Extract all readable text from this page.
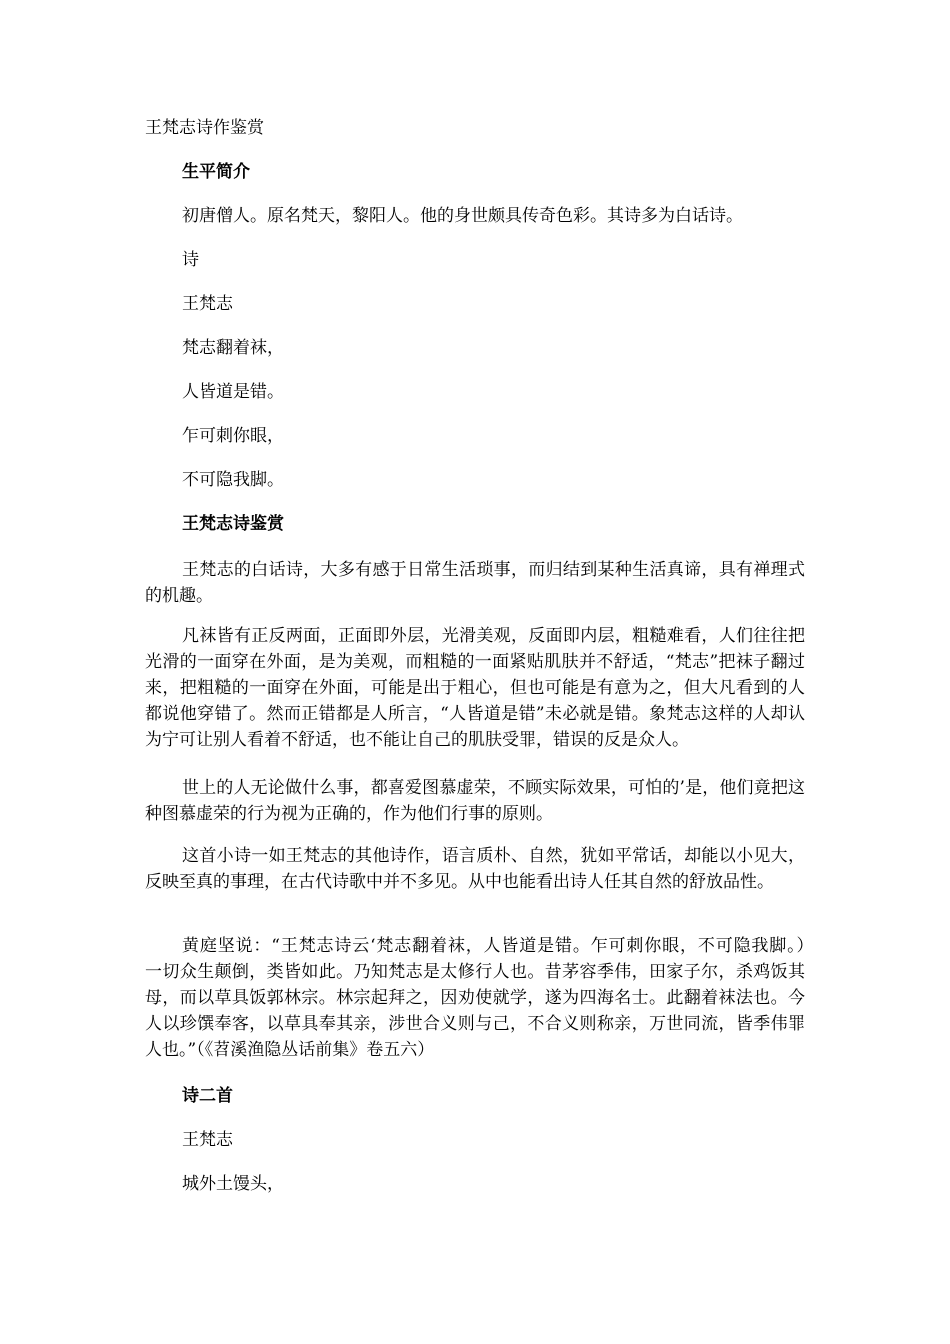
王梵志诗作鉴赏
生平简介
初唐僧人。原名梵天，黎阳人。他的身世颇具传奇色彩。其诗多为白话诗。
诗
王梵志
梵志翻着袜，
人皆道是错。
乍可刺你眼，
不可隐我脚。
王梵志诗鉴赏
王梵志的白话诗，大多有感于日常生活琐事，而归结到某种生活真谛，具有禅理式的机趣。
凡袜皆有正反两面，正面即外层，光滑美观，反面即内层，粗糙难看，人们往往把光滑的一面穿在外面，是为美观，而粗糙的一面紧贴肌肤并不舒适，“梵志”把袜子翻过来，把粗糙的一面穿在外面，可能是出于粗心，但也可能是有意为之，但大凡看到的人都说他穿错了。然而正错都是人所言，“人皆道是错”未必就是错。象梵志这样的人却认为宁可让别人看着不舒适，也不能让自己的肌肤受罪，错误的反是众人。
世上的人无论做什么事，都喜爱图慕虚荣，不顾实际效果，可怕的’是，他们竟把这种图慕虚荣的行为视为正确的，作为他们行事的原则。
这首小诗一如王梵志的其他诗作，语言质朴、自然，犹如平常话，却能以小见大，反映至真的事理，在古代诗歌中并不多见。从中也能看出诗人任其自然的舒放品性。
黄庭坚说：“王梵志诗云‘梵志翻着袜，人皆道是错。乍可刺你眼，不可隐我脚。）　一切众生颠倒，类皆如此。乃知梵志是太修行人也。昔茅容季伟，田家子尔，杀鸡饭其母，而以草具饭郭林宗。林宗起拜之，因劝使就学，遂为四海名士。此翻着袜法也。今人以珍馔奉客，以草具奉其亲，涉世合义则与己，不合义则称亲，万世同流，皆季伟罪人也。”（《苕溪渔隐丛话前集》卷五六）
诗二首
王梵志
城外土馒头，
